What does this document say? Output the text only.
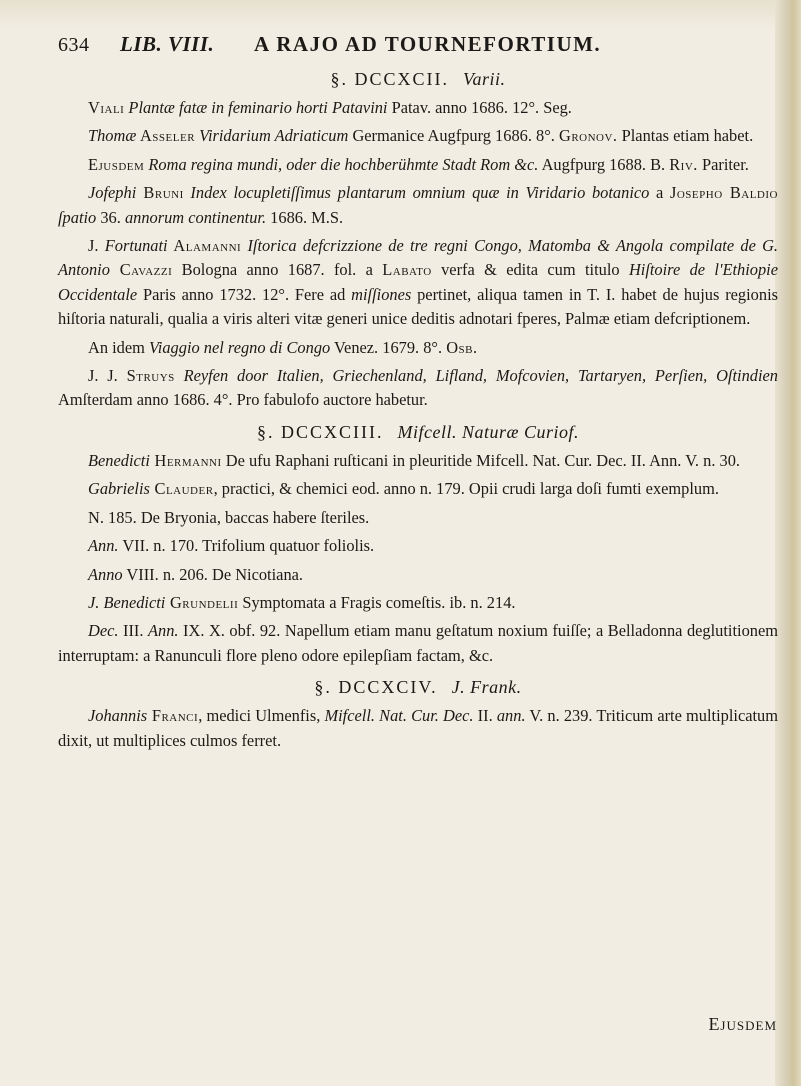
634 LIB. VIII. A RAJO AD TOURNEFORTIUM.
§. DCCXCII. Varii.

Viali Plantæ fatæ in feminario horti Patavini Patav. anno 1686. 12°. Seg.

Thomæ Asseler Viridarium Adriaticum Germanice Augfpurg 1686. 8°. Gronov. Plantas etiam habet.

Ejusdem Roma regina mundi, oder die hochberühmte Stadt Rom &c. Augfpurg 1688. B. Riv. Pariter.

Jofephi Bruni Index locupletiſſimus plantarum omnium quæ in Viridario botanico a Josepho Baldio ſpatio 36. annorum continentur. 1686. M.S.

J. Fortunati Alamanni Iſtorica defcrizzione de tre regni Congo, Matomba & Angola compilate de G. Antonio Cavazzi Bologna anno 1687. fol. a Labato verfa & edita cum titulo Hiſtoire de l'Ethiopie Occidentale Paris anno 1732. 12°. Fere ad miſſiones pertinet, aliqua tamen in T. I. habet de hujus regionis hiſtoria naturali, qualia a viris alteri vitæ generi unice deditis adnotari fperes, Palmæ etiam defcriptionem.

An idem Viaggio nel regno di Congo Venez. 1679. 8°. Osb.

J. J. Struys Reyfen door Italien, Griechenland, Lifland, Mofcovien, Tartaryen, Perſien, Oſtindien Amſterdam anno 1686. 4°. Pro fabulofo auctore habetur.

§. DCCXCIII. Mifcell. Naturæ Curiof.

Benedicti Hermanni De ufu Raphani ruſticani in pleuritide Mifcell. Nat. Cur. Dec. II. Ann. V. n. 30.

Gabrielis Clauder, practici, & chemici eod. anno n. 179. Opii crudi larga doſi fumti exemplum.

N. 185. De Bryonia, baccas habere ſteriles.

Ann. VII. n. 170. Trifolium quatuor foliolis.

Anno VIII. n. 206. De Nicotiana.

J. Benedicti Grundelii Symptomata a Fragis comeſtis. ib. n. 214.

Dec. III. Ann. IX. X. obf. 92. Napellum etiam manu geſtatum noxium fuiſſe; a Belladonna deglutitionem interruptam: a Ranunculi flore pleno odore epilepſiam factam, &c.

§. DCCXCIV. J. Frank.

Johannis Franci, medici Ulmenfis, Mifcell. Nat. Cur. Dec. II. ann. V. n. 239. Triticum arte multiplicatum dixit, ut multiplices culmos ferret.

Ejusdem
